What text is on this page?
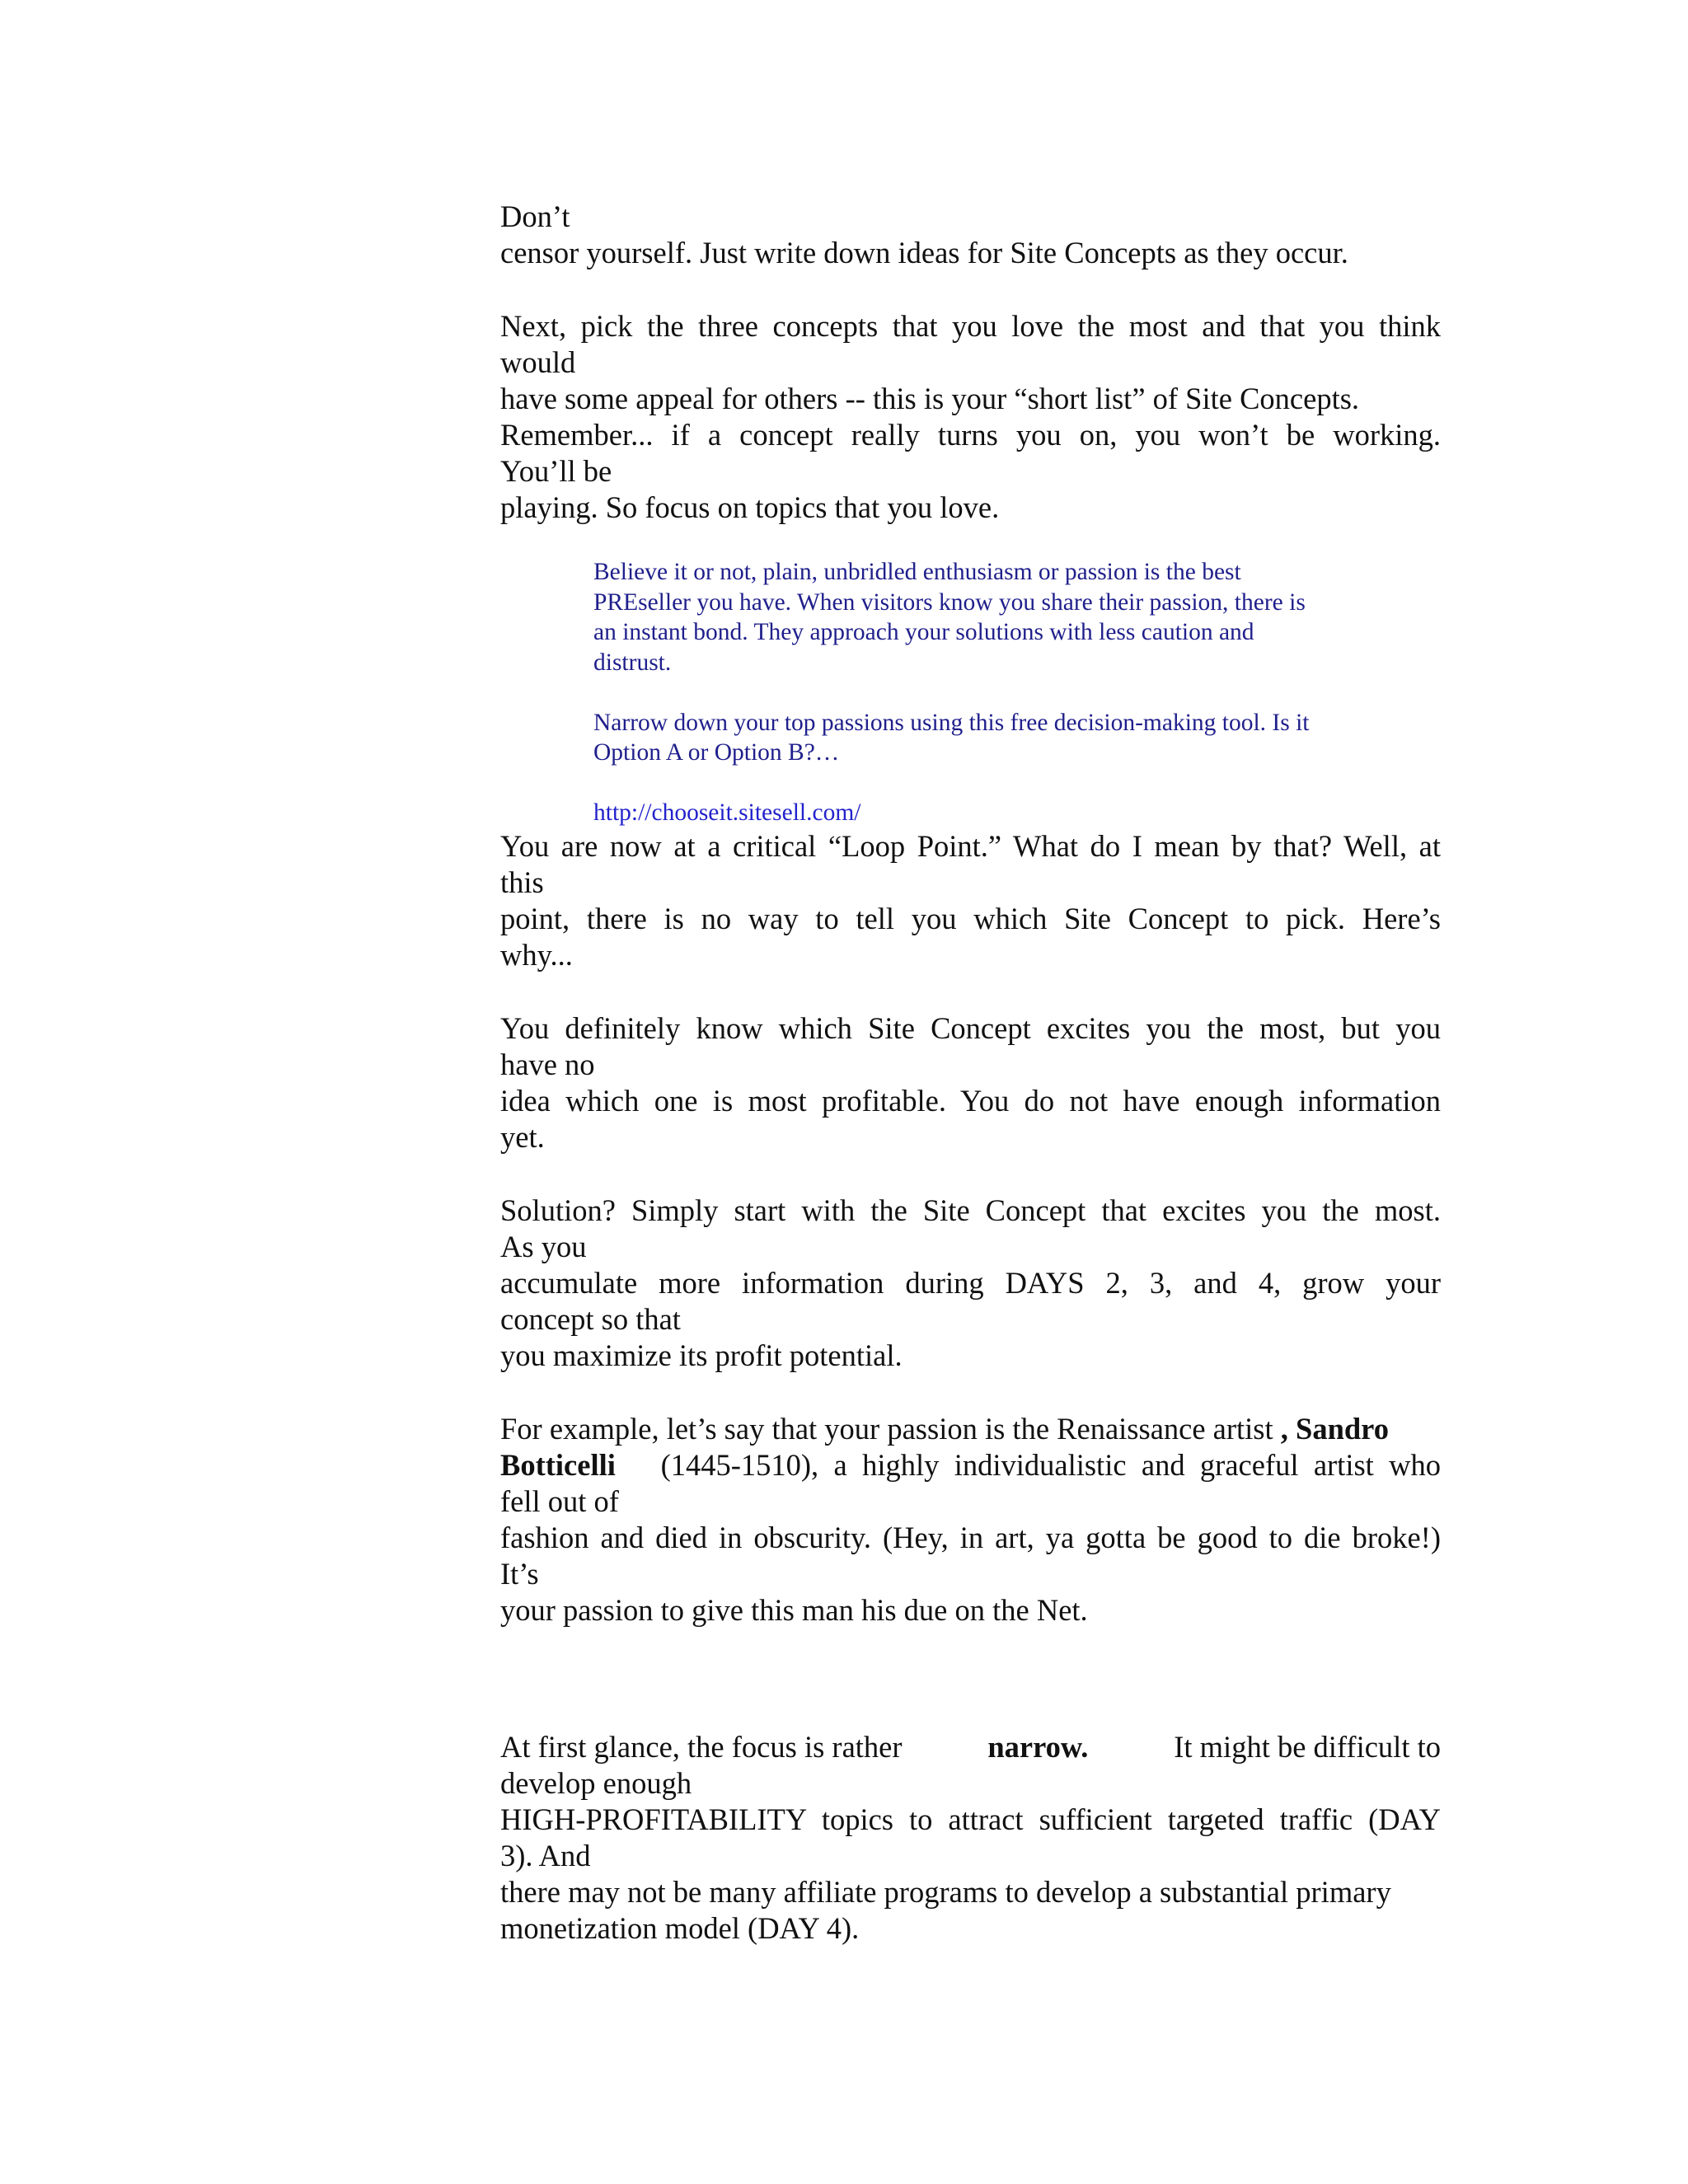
Don’t
censor yourself. Just write down ideas for Site Concepts as they occur.
Next, pick the three concepts that you love the most and that you think
would
have some appeal for others -- this is your “short list” of Site Concepts.
Remember... if a concept really turns you on, you won’t be working.
You’ll be
playing. So focus on topics that you love.
Believe it or not, plain, unbridled enthusiasm or passion is the best
PREseller you have. When visitors know you share their passion, there is
an instant bond. They approach your solutions with less caution and
distrust.
Narrow down your top passions using this free decision-making tool. Is it
Option A or Option B?…
http://chooseit.sitesell.com/
You are now at a critical “Loop Point.” What do I mean by that? Well, at
this
point, there is no way to tell you which Site Concept to pick. Here’s
why...
You definitely know which Site Concept excites you the most, but you
have no
idea which one is most profitable. You do not have enough information
yet.
Solution? Simply start with the Site Concept that excites you the most.
As you
accumulate more information during DAYS 2, 3, and 4, grow your
concept so that
you maximize its profit potential.
For example, let’s say that your passion is the Renaissance artist , Sandro
Botticelli (1445-1510), a highly individualistic and graceful artist who
fell out of
fashion and died in obscurity. (Hey, in art, ya gotta be good to die broke!)
It’s
your passion to give this man his due on the Net.
At first glance, the focus is rather	narrow.	It might be difficult to
develop enough
HIGH-PROFITABILITY topics to attract sufficient targeted traffic (DAY
3). And
there may not be many affiliate programs to develop a substantial primary
monetization model (DAY 4).
